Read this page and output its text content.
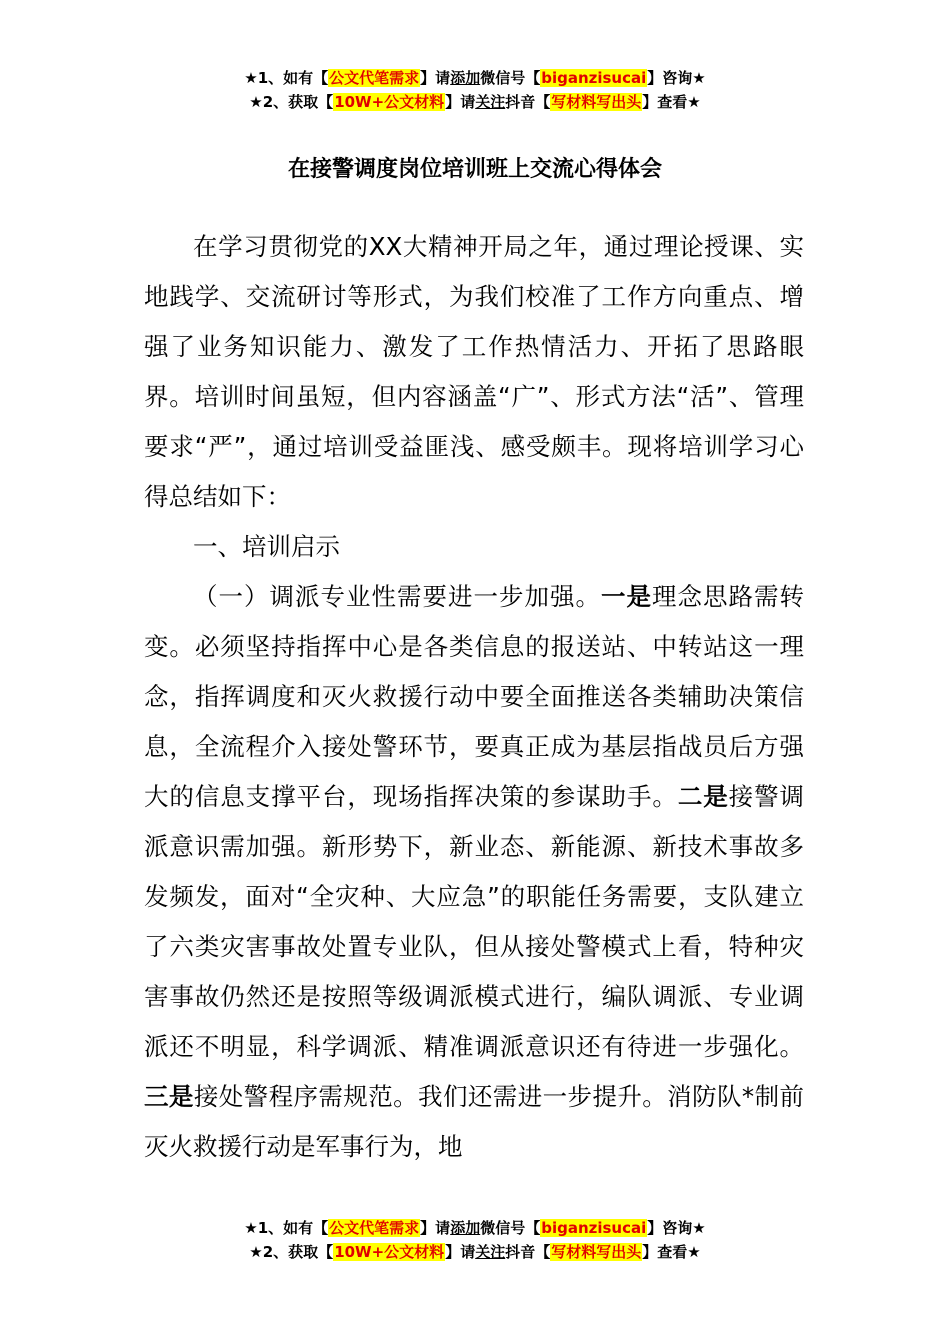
★1、如有【公文代笔需求】请添加微信号【biganzisucai】咨询★
★2、获取【10W+公文材料】请关注抖音【写材料写出头】查看★
在接警调度岗位培训班上交流心得体会

在学习贯彻党的XX大精神开局之年，通过理论授课、实地践学、交流研讨等形式，为我们校准了工作方向重点、增强了业务知识能力、激发了工作热情活力、开拓了思路眼界。培训时间虽短，但内容涵盖“广”、形式方法“活”、管理要求“严”，通过培训受益匪浅、感受颇丰。现将培训学习心得总结如下：

一、培训启示

（一）调派专业性需要进一步加强。一是理念思路需转变。必须坚持指挥中心是各类信息的报送站、中转站这一理念，指挥调度和灭火救援行动中要全面推送各类辅助决策信息，全流程介入接处警环节，要真正成为基层指战员后方强大的信息支撑平台，现场指挥决策的参谋助手。二是接警调派意识需加强。新形势下，新业态、新能源、新技术事故多发频发，面对“全灾种、大应急”的职能任务需要，支队建立了六类灾害事故处置专业队，但从接处警模式上看，特种灾害事故仍然还是按照等级调派模式进行，编队调派、专业调派还不明显，科学调派、精准调派意识还有待进一步强化。三是接处警程序需规范。我们还需进一步提升。消防队*制前灭火救援行动是军事行为，地

★1、如有【公文代笔需求】请添加微信号【biganzisucai】咨询★
★2、获取【10W+公文材料】请关注抖音【写材料写出头】查看★
